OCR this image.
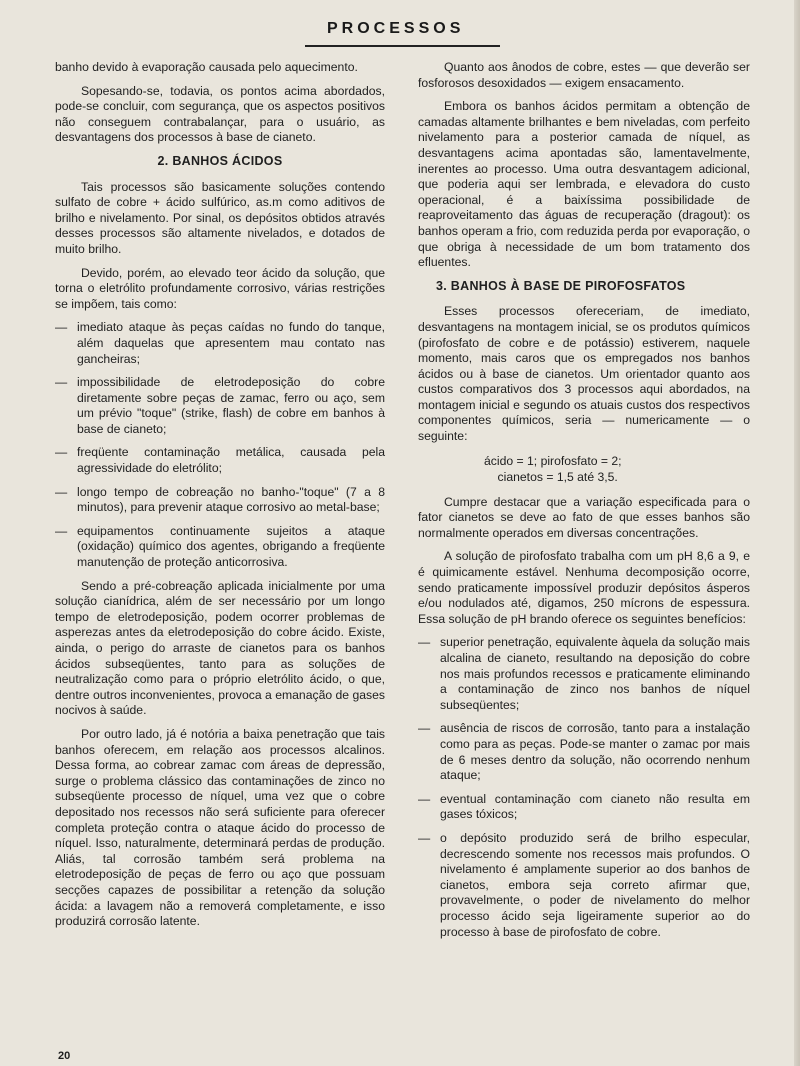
PROCESSOS

banho devido à evaporação causada pelo aquecimento.

Sopesando-se, todavia, os pontos acima abordados, pode-se concluir, com segurança, que os aspectos positivos não conseguem contrabalançar, para o usuário, as desvantagens dos processos à base de cianeto.

2. BANHOS ÁCIDOS

Tais processos são basicamente soluções contendo sulfato de cobre + ácido sulfúrico, as.m como aditivos de brilho e nivelamento. Por sinal, os depósitos obtidos através desses processos são altamente nivelados, e dotados de muito brilho.

Devido, porém, ao elevado teor ácido da solução, que torna o eletrólito profundamente corrosivo, várias restrições se impõem, tais como:

— imediato ataque às peças caídas no fundo do tanque, além daquelas que apresentem mau contato nas gancheiras;
— impossibilidade de eletrodeposição do cobre diretamente sobre peças de zamac, ferro ou aço, sem um prévio "toque" (strike, flash) de cobre em banhos à base de cianeto;
— freqüente contaminação metálica, causada pela agressividade do eletrólito;
— longo tempo de cobreação no banho-"toque" (7 a 8 minutos), para prevenir ataque corrosivo ao metal-base;
— equipamentos continuamente sujeitos a ataque (oxidação) químico dos agentes, obrigando a freqüente manutenção de proteção anticorrosiva.

Sendo a pré-cobreação aplicada inicialmente por uma solução cianídrica, além de ser necessário por um longo tempo de eletrodeposição, podem ocorrer problemas de asperezas antes da eletrodeposição do cobre ácido. Existe, ainda, o perigo do arraste de cianetos para os banhos ácidos subseqüentes, tanto para as soluções de neutralização como para o próprio eletrólito ácido, o que, dentre outros inconvenientes, provoca a emanação de gases nocivos à saúde.

Por outro lado, já é notória a baixa penetração que tais banhos oferecem, em relação aos processos alcalinos. Dessa forma, ao cobrear zamac com áreas de depressão, surge o problema clássico das contaminações de zinco no subseqüente processo de níquel, uma vez que o cobre depositado nos recessos não será suficiente para oferecer completa proteção contra o ataque ácido do processo de níquel. Isso, naturalmente, determinará perdas de produção. Aliás, tal corrosão também será problema na eletrodeposição de peças de ferro ou aço que possuam secções capazes de possibilitar a retenção da solução ácida: a lavagem não a removerá completamente, e isso produzirá corrosão latente.

Quanto aos ânodos de cobre, estes — que deverão ser fosforosos desoxidados — exigem ensacamento.

Embora os banhos ácidos permitam a obtenção de camadas altamente brilhantes e bem niveladas, com perfeito nivelamento para a posterior camada de níquel, as desvantagens acima apontadas são, lamentavelmente, inerentes ao processo. Uma outra desvantagem adicional, que poderia aqui ser lembrada, e elevadora do custo operacional, é a baixíssima possibilidade de reaproveitamento das águas de recuperação (dragout): os banhos operam a frio, com reduzida perda por evaporação, o que obriga à necessidade de um bom tratamento dos efluentes.

3. BANHOS À BASE DE PIROFOSFATOS

Esses processos ofereceriam, de imediato, desvantagens na montagem inicial, se os produtos químicos (pirofosfato de cobre e de potássio) estiverem, naquele momento, mais caros que os empregados nos banhos ácidos ou à base de cianetos. Um orientador quanto aos custos comparativos dos 3 processos aqui abordados, na montagem inicial e segundo os atuais custos dos respectivos componentes químicos, seria — numericamente — o seguinte:

ácido = 1; pirofosfato = 2;
cianetos = 1,5 até 3,5.

Cumpre destacar que a variação especificada para o fator cianetos se deve ao fato de que esses banhos são normalmente operados em diversas concentrações.

A solução de pirofosfato trabalha com um pH 8,6 a 9, e é quimicamente estável. Nenhuma decomposição ocorre, sendo praticamente impossível produzir depósitos ásperos e/ou nodulados até, digamos, 250 mícrons de espessura. Essa solução de pH brando oferece os seguintes benefícios:

— superior penetração, equivalente àquela da solução mais alcalina de cianeto, resultando na deposição do cobre nos mais profundos recessos e praticamente eliminando a contaminação de zinco nos banhos de níquel subseqüentes;
— ausência de riscos de corrosão, tanto para a instalação como para as peças. Pode-se manter o zamac por mais de 6 meses dentro da solução, não ocorrendo nenhum ataque;
— eventual contaminação com cianeto não resulta em gases tóxicos;
— o depósito produzido será de brilho especular, decrescendo somente nos recessos mais profundos. O nivelamento é amplamente superior ao dos banhos de cianetos, embora seja correto afirmar que, provavelmente, o poder de nivelamento do melhor processo ácido seja ligeiramente superior ao do processo à base de pirofosfato de cobre.
20
